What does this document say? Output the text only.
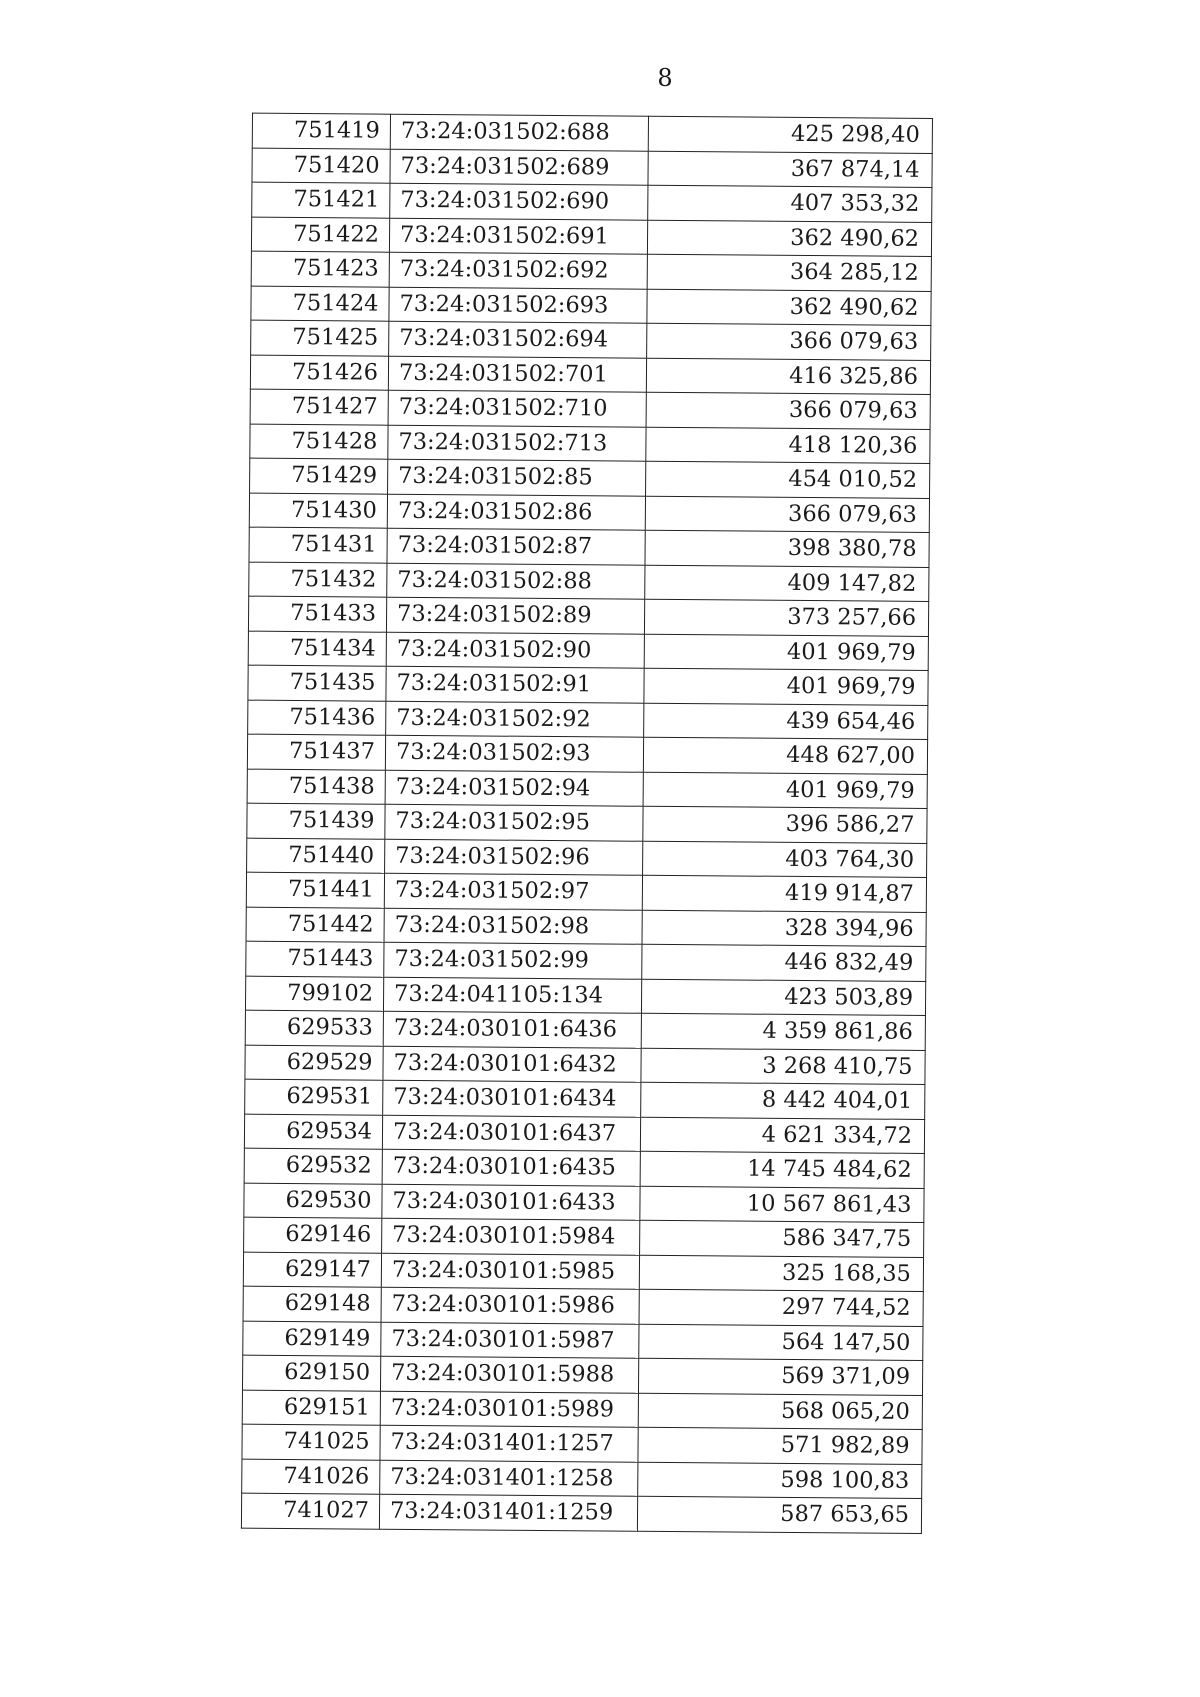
8
751419	73:24:031502:688	425 298,40
751420	73:24:031502:689	367 874,14
751421	73:24:031502:690	407 353,32
751422	73:24:031502:691	362 490,62
751423	73:24:031502:692	364 285,12
751424	73:24:031502:693	362 490,62
751425	73:24:031502:694	366 079,63
751426	73:24:031502:701	416 325,86
751427	73:24:031502:710	366 079,63
751428	73:24:031502:713	418 120,36
751429	73:24:031502:85	454 010,52
751430	73:24:031502:86	366 079,63
751431	73:24:031502:87	398 380,78
751432	73:24:031502:88	409 147,82
751433	73:24:031502:89	373 257,66
751434	73:24:031502:90	401 969,79
751435	73:24:031502:91	401 969,79
751436	73:24:031502:92	439 654,46
751437	73:24:031502:93	448 627,00
751438	73:24:031502:94	401 969,79
751439	73:24:031502:95	396 586,27
751440	73:24:031502:96	403 764,30
751441	73:24:031502:97	419 914,87
751442	73:24:031502:98	328 394,96
751443	73:24:031502:99	446 832,49
799102	73:24:041105:134	423 503,89
629533	73:24:030101:6436	4 359 861,86
629529	73:24:030101:6432	3 268 410,75
629531	73:24:030101:6434	8 442 404,01
629534	73:24:030101:6437	4 621 334,72
629532	73:24:030101:6435	14 745 484,62
629530	73:24:030101:6433	10 567 861,43
629146	73:24:030101:5984	586 347,75
629147	73:24:030101:5985	325 168,35
629148	73:24:030101:5986	297 744,52
629149	73:24:030101:5987	564 147,50
629150	73:24:030101:5988	569 371,09
629151	73:24:030101:5989	568 065,20
741025	73:24:031401:1257	571 982,89
741026	73:24:031401:1258	598 100,83
741027	73:24:031401:1259	587 653,65
